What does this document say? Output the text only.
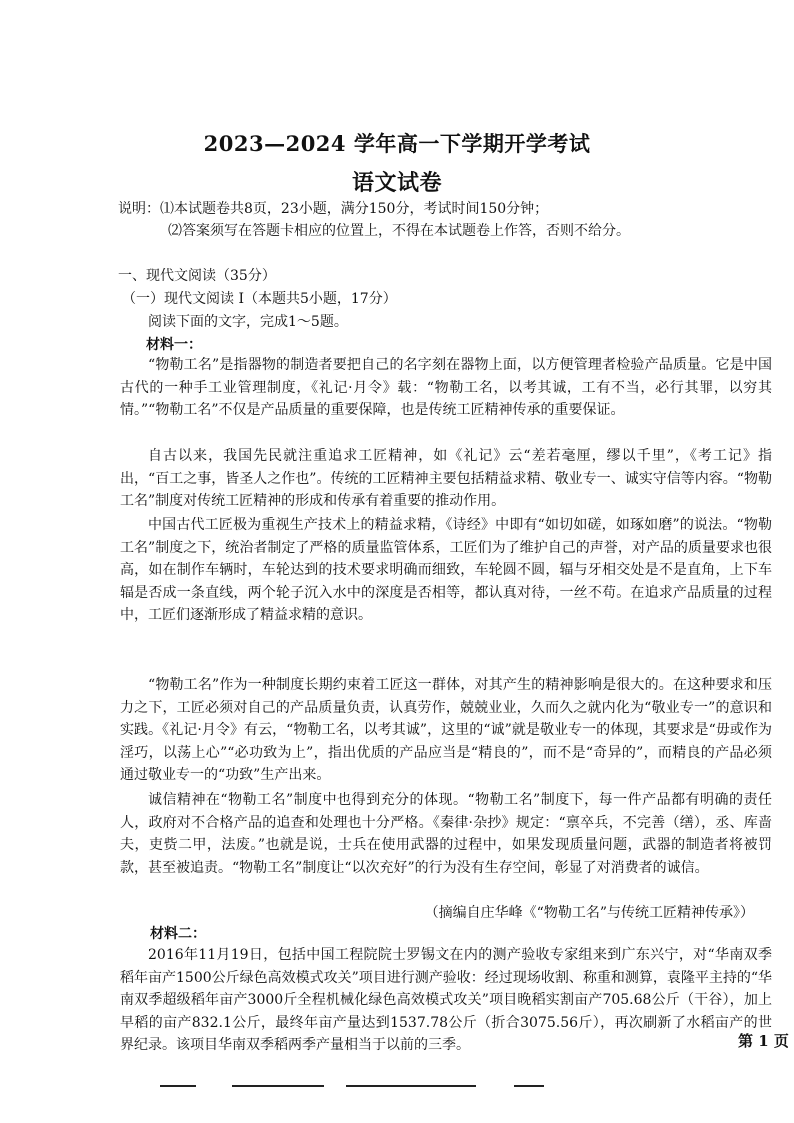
2023—2024 学年高一下学期开学考试
语文试卷
说明：⑴本试题卷共8页，23小题，满分150分，考试时间150分钟；
⑵答案须写在答题卡相应的位置上，不得在本试题卷上作答，否则不给分。
一、现代文阅读（35分）
（一）现代文阅读 I（本题共5小题，17分）
阅读下面的文字，完成1～5题。
材料一：
“物勒工名”是指器物的制造者要把自己的名字刻在器物上面，以方便管理者检验产品质量。它是中国古代的一种手工业管理制度，《礼记·月令》载：“物勒工名，以考其诚，工有不当，必行其罪，以穷其情。”“物勒工名”不仅是产品质量的重要保障，也是传统工匠精神传承的重要保证。
自古以来，我国先民就注重追求工匠精神，如《礼记》云“差若毫厘，缪以千里”，《考工记》指出，“百工之事，皆圣人之作也”。传统的工匠精神主要包括精益求精、敬业专一、诚实守信等内容。“物勒工名”制度对传统工匠精神的形成和传承有着重要的推动作用。
中国古代工匠极为重视生产技术上的精益求精，《诗经》中即有“如切如磋，如琢如磨”的说法。“物勒工名”制度之下，统治者制定了严格的质量监管体系，工匠们为了维护自己的声誉，对产品的质量要求也很高，如在制作车辆时，车轮达到的技术要求明确而细致，车轮圆不圆，辐与牙相交处是不是直角，上下车辐是否成一条直线，两个轮子沉入水中的深度是否相等，都认真对待，一丝不苟。在追求产品质量的过程中，工匠们逐渐形成了精益求精的意识。
“物勒工名”作为一种制度长期约束着工匠这一群体，对其产生的精神影响是很大的。在这种要求和压力之下，工匠必须对自己的产品质量负责，认真劳作，兢兢业业，久而久之就内化为“敬业专一”的意识和实践。《礼记·月令》有云，“物勒工名，以考其诚”，这里的“诚”就是敬业专一的体现，其要求是“毋或作为淫巧，以荡上心”“必功致为上”，指出优质的产品应当是“精良的”，而不是“奇异的”，而精良的产品必须通过敬业专一的“功致”生产出来。
诚信精神在“物勒工名”制度中也得到充分的体现。“物勒工名”制度下，每一件产品都有明确的责任人，政府对不合格产品的追查和处理也十分严格。《秦律·杂抄》规定：“禀卒兵，不完善（缮），丞、库啬夫，吏赀二甲，法废。”也就是说，士兵在使用武器的过程中，如果发现质量问题，武器的制造者将被罚款，甚至被追责。“物勒工名”制度让“以次充好”的行为没有生存空间，彰显了对消费者的诚信。
（摘编自庄华峰《“物勒工名”与传统工匠精神传承》）
材料二：
2016年11月19日，包括中国工程院院士罗锡文在内的测产验收专家组来到广东兴宁，对“华南双季稻年亩产1500公斤绿色高效模式攻关”项目进行测产验收：经过现场收割、称重和测算，袁隆平主持的“华南双季超级稻年亩产3000斤全程机械化绿色高效模式攻关”项目晚稻实割亩产705.68公斤（干谷），加上早稻的亩产832.1公斤，最终年亩产量达到1537.78公斤（折合3075.56斤），再次刷新了水稻亩产的世界纪录。该项目华南双季稻两季产量相当于以前的三季。	第 1 页
